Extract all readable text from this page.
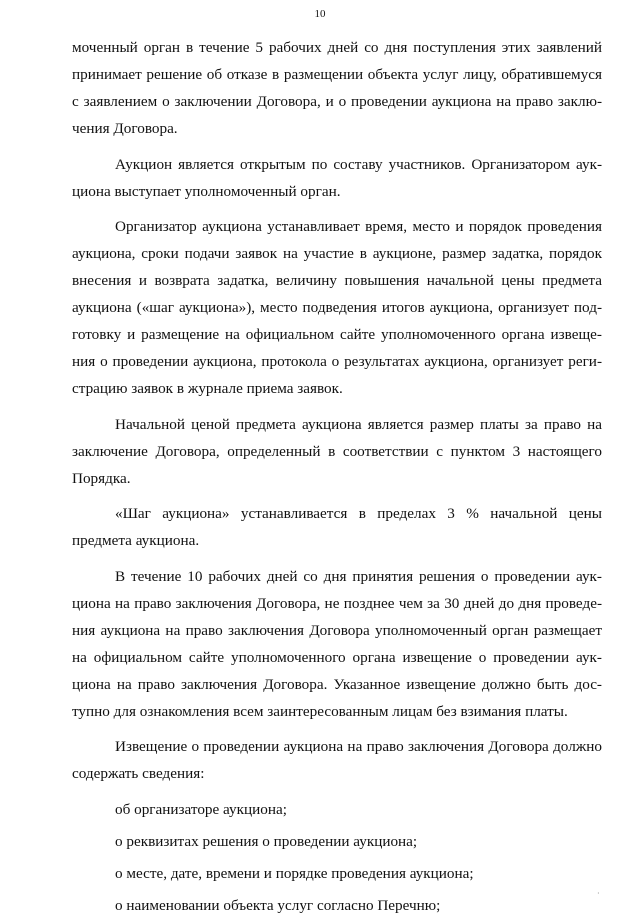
10

моченный орган в течение 5 рабочих дней со дня поступления этих заявлений принимает решение об отказе в размещении объекта услуг лицу, обратившемуся с заявлением о заключении Договора, и о проведении аукциона на право заклю-чения Договора.

Аукцион является открытым по составу участников. Организатором аук-циона выступает уполномоченный орган.

Организатор аукциона устанавливает время, место и порядок проведения аукциона, сроки подачи заявок на участие в аукционе, размер задатка, порядок внесения и возврата задатка, величину повышения начальной цены предмета аукциона («шаг аукциона»), место подведения итогов аукциона, организует под-готовку и размещение на официальном сайте уполномоченного органа извеще-ния о проведении аукциона, протокола о результатах аукциона, организует реги-страцию заявок в журнале приема заявок.

Начальной ценой предмета аукциона является размер платы за право на заключение Договора, определенный в соответствии с пунктом 3 настоящего Порядка.

«Шаг аукциона» устанавливается в пределах 3 % начальной цены предмета аукциона.

В течение 10 рабочих дней со дня принятия решения о проведении аук-циона на право заключения Договора, не позднее чем за 30 дней до дня проведе-ния аукциона на право заключения Договора уполномоченный орган размещает на официальном сайте уполномоченного органа извещение о проведении аук-циона на право заключения Договора. Указанное извещение должно быть дос-тупно для ознакомления всем заинтересованным лицам без взимания платы.

Извещение о проведении аукциона на право заключения Договора должно содержать сведения:

об организаторе аукциона;

о реквизитах решения о проведении аукциона;

о месте, дате, времени и порядке проведения аукциона;

о наименовании объекта услуг согласно Перечню;

·
